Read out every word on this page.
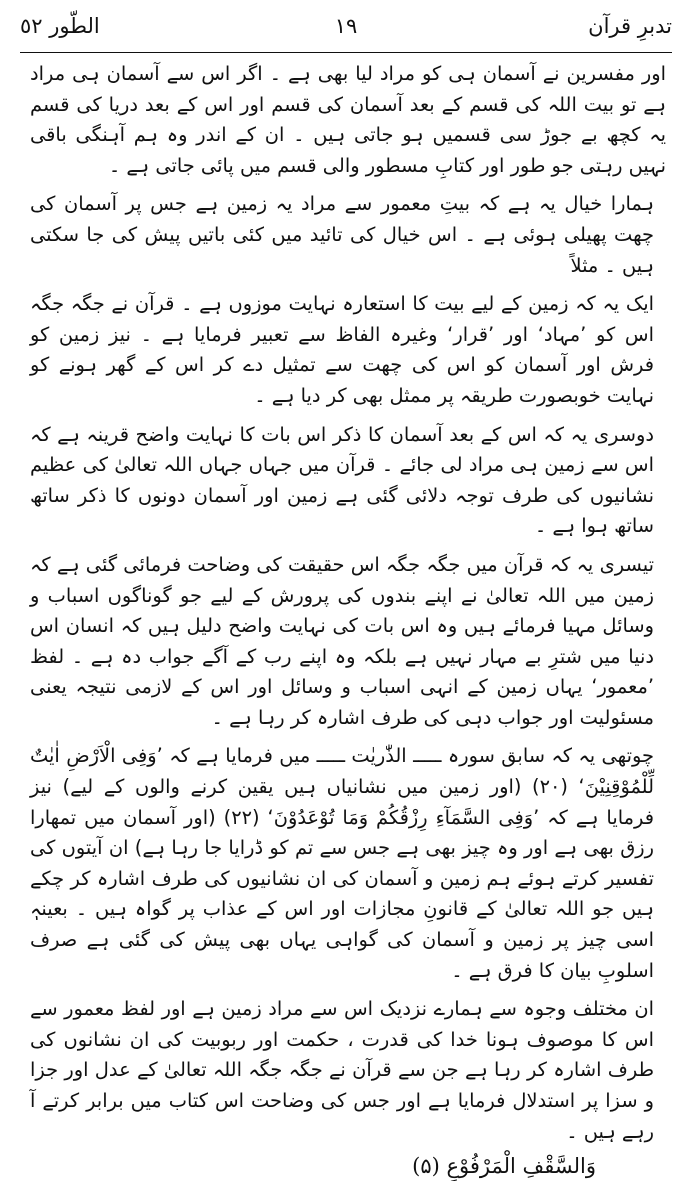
تدبرِ قرآن
١٩
الطّور ٥٢

اور مفسرین نے آسمان ہی کو مراد لیا بھی ہے ۔ اگر اس سے آسمان ہی مراد ہے تو بیت اللہ کی قسم کے بعد آسمان کی قسم اور اس کے بعد دریا کی قسم یہ کچھ بے جوڑ سی قسمیں ہو جاتی ہیں ۔ ان کے اندر وہ ہم آہنگی باقی نہیں رہتی جو طور اور کتابِ مسطور والی قسم میں پائی جاتی ہے ۔

ہمارا خیال یہ ہے کہ بیتِ معمور سے مراد یہ زمین ہے جس پر آسمان کی چھت پھیلی ہوئی ہے ۔ اس خیال کی تائید میں کئی باتیں پیش کی جا سکتی ہیں ۔ مثلاً

ایک یہ کہ زمین کے لیے بیت کا استعارہ نہایت موزوں ہے ۔ قرآن نے جگہ جگہ اس کو ’مہاد‘ اور ’قرار‘ وغیرہ الفاظ سے تعبیر فرمایا ہے ۔ نیز زمین کو فرش اور آسمان کو اس کی چھت سے تمثیل دے کر اس کے گھر ہونے کو نہایت خوبصورت طریقہ پر ممثل بھی کر دیا ہے ۔

دوسری یہ کہ اس کے بعد آسمان کا ذکر اس بات کا نہایت واضح قرینہ ہے کہ اس سے زمین ہی مراد لی جائے ۔ قرآن میں جہاں جہاں اللہ تعالیٰ کی عظیم نشانیوں کی طرف توجہ دلائی گئی ہے زمین اور آسمان دونوں کا ذکر ساتھ ساتھ ہوا ہے ۔

تیسری یہ کہ قرآن میں جگہ جگہ اس حقیقت کی وضاحت فرمائی گئی ہے کہ زمین میں اللہ تعالیٰ نے اپنے بندوں کی پرورش کے لیے جو گوناگوں اسباب و وسائل مہیا فرمائے ہیں وہ اس بات کی نہایت واضح دلیل ہیں کہ انسان اس دنیا میں شترِ بے مہار نہیں ہے بلکہ وہ اپنے رب کے آگے جواب دہ ہے ۔ لفظ ’معمور‘ یہاں زمین کے انہی اسباب و وسائل اور اس کے لازمی نتیجہ یعنی مسئولیت اور جواب دہی کی طرف اشارہ کر رہا ہے ۔

چوتھی یہ کہ سابق سورہ ـــــ الذّٰریٰت ـــــ میں فرمایا ہے کہ ’وَفِی الْاَرْضِ اٰیٰتٌ لِّلْمُوْقِنِیْنَ‘ (۲۰) (اور زمین میں نشانیاں ہیں یقین کرنے والوں کے لیے) نیز فرمایا ہے کہ ’وَفِی السَّمَآءِ رِزْقُكُمْ وَمَا تُوْعَدُوْنَ‘ (۲۲) (اور آسمان میں تمھارا رزق بھی ہے اور وہ چیز بھی ہے جس سے تم کو ڈرایا جا رہا ہے) ان آیتوں کی تفسیر کرتے ہوئے ہم زمین و آسمان کی ان نشانیوں کی طرف اشارہ کر چکے ہیں جو اللہ تعالیٰ کے قانونِ مجازات اور اس کے عذاب پر گواہ ہیں ۔ بعینہٖ اسی چیز پر زمین و آسمان کی گواہی یہاں بھی پیش کی گئی ہے صرف اسلوبِ بیان کا فرق ہے ۔

ان مختلف وجوہ سے ہمارے نزدیک اس سے مراد زمین ہے اور لفظ معمور سے اس کا موصوف ہونا خدا کی قدرت ، حکمت اور ربوبیت کی ان نشانوں کی طرف اشارہ کر رہا ہے جن سے قرآن نے جگہ جگہ اللہ تعالیٰ کے عدل اور جزا و سزا پر استدلال فرمایا ہے اور جس کی وضاحت اس کتاب میں برابر کرتے آ رہے ہیں ۔

وَالسَّقْفِ الْمَرْفُوْعِ (۵)
